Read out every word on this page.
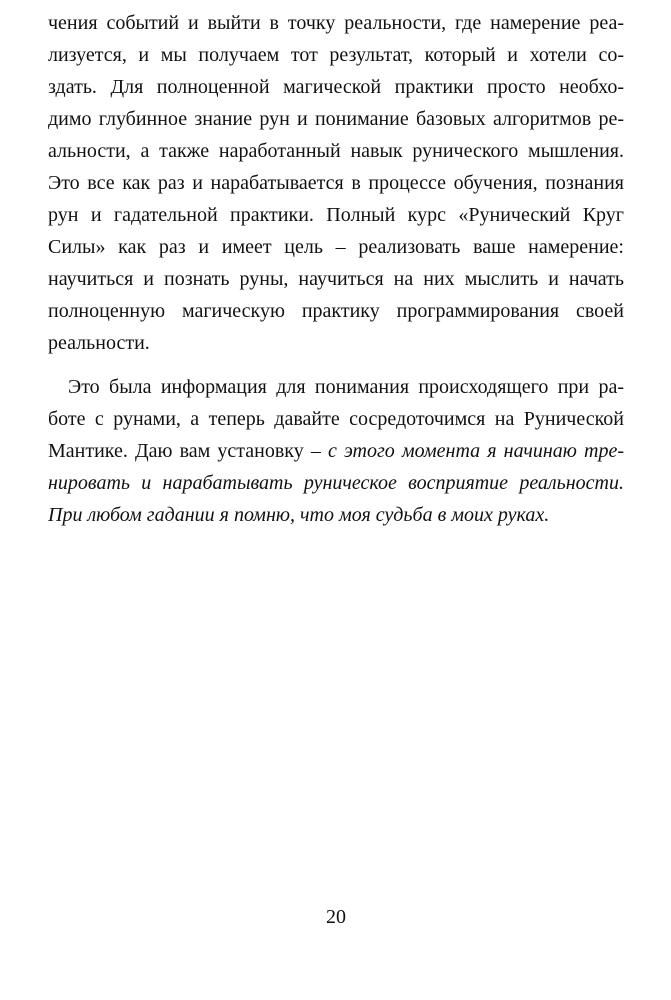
чения событий и выйти в точку реальности, где намерение реа-
лизуется, и мы получаем тот результат, который и хотели со-
здать. Для полноценной магической практики просто необхо-
димо глубинное знание рун и понимание базовых алгоритмов ре-
альности, а также наработанный навык рунического мышления.
Это все как раз и нарабатывается в процессе обучения, познания
рун и гадательной практики. Полный курс «Рунический Круг
Силы» как раз и имеет цель – реализовать ваше намерение:
научиться и познать руны, научиться на них мыслить и начать
полноценную магическую практику программирования своей
реальности.
Это была информация для понимания происходящего при ра-
боте с рунами, а теперь давайте сосредоточимся на Рунической
Мантике. Даю вам установку – с этого момента я начинаю тре-
нировать и нарабатывать руническое восприятие реальности.
При любом гадании я помню, что моя судьба в моих руках.
20
